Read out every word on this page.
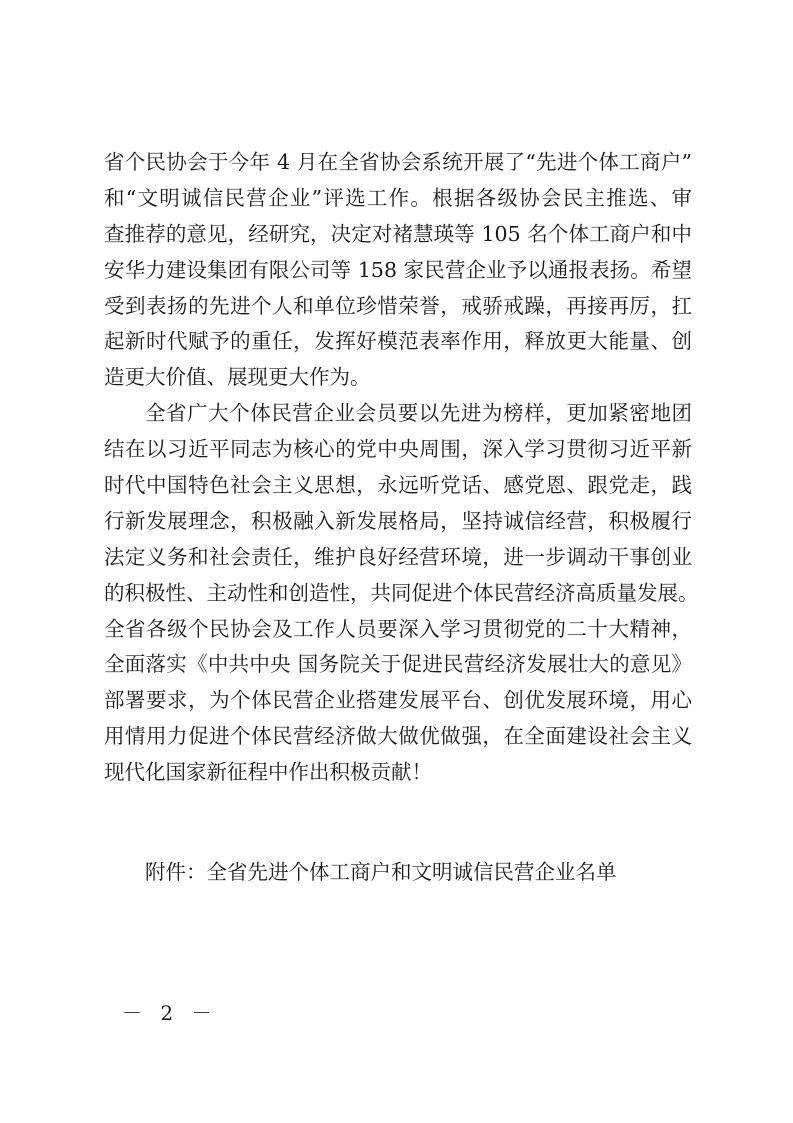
省个民协会于今年 4 月在全省协会系统开展了“先进个体工商户”
和“文明诚信民营企业”评选工作。根据各级协会民主推选、审
查推荐的意见，经研究，决定对褚慧瑛等 105 名个体工商户和中
安华力建设集团有限公司等 158 家民营企业予以通报表扬。希望
受到表扬的先进个人和单位珍惜荣誉，戒骄戒躁，再接再厉，扛
起新时代赋予的重任，发挥好模范表率作用，释放更大能量、创
造更大价值、展现更大作为。
全省广大个体民营企业会员要以先进为榜样，更加紧密地团
结在以习近平同志为核心的党中央周围，深入学习贯彻习近平新
时代中国特色社会主义思想，永远听党话、感党恩、跟党走，践
行新发展理念，积极融入新发展格局，坚持诚信经营，积极履行
法定义务和社会责任，维护良好经营环境，进一步调动干事创业
的积极性、主动性和创造性，共同促进个体民营经济高质量发展。
全省各级个民协会及工作人员要深入学习贯彻党的二十大精神，
全面落实《中共中央 国务院关于促进民营经济发展壮大的意见》
部署要求，为个体民营企业搭建发展平台、创优发展环境，用心
用情用力促进个体民营经济做大做优做强，在全面建设社会主义
现代化国家新征程中作出积极贡献！
附件：全省先进个体工商户和文明诚信民营企业名单
－ 2 －
